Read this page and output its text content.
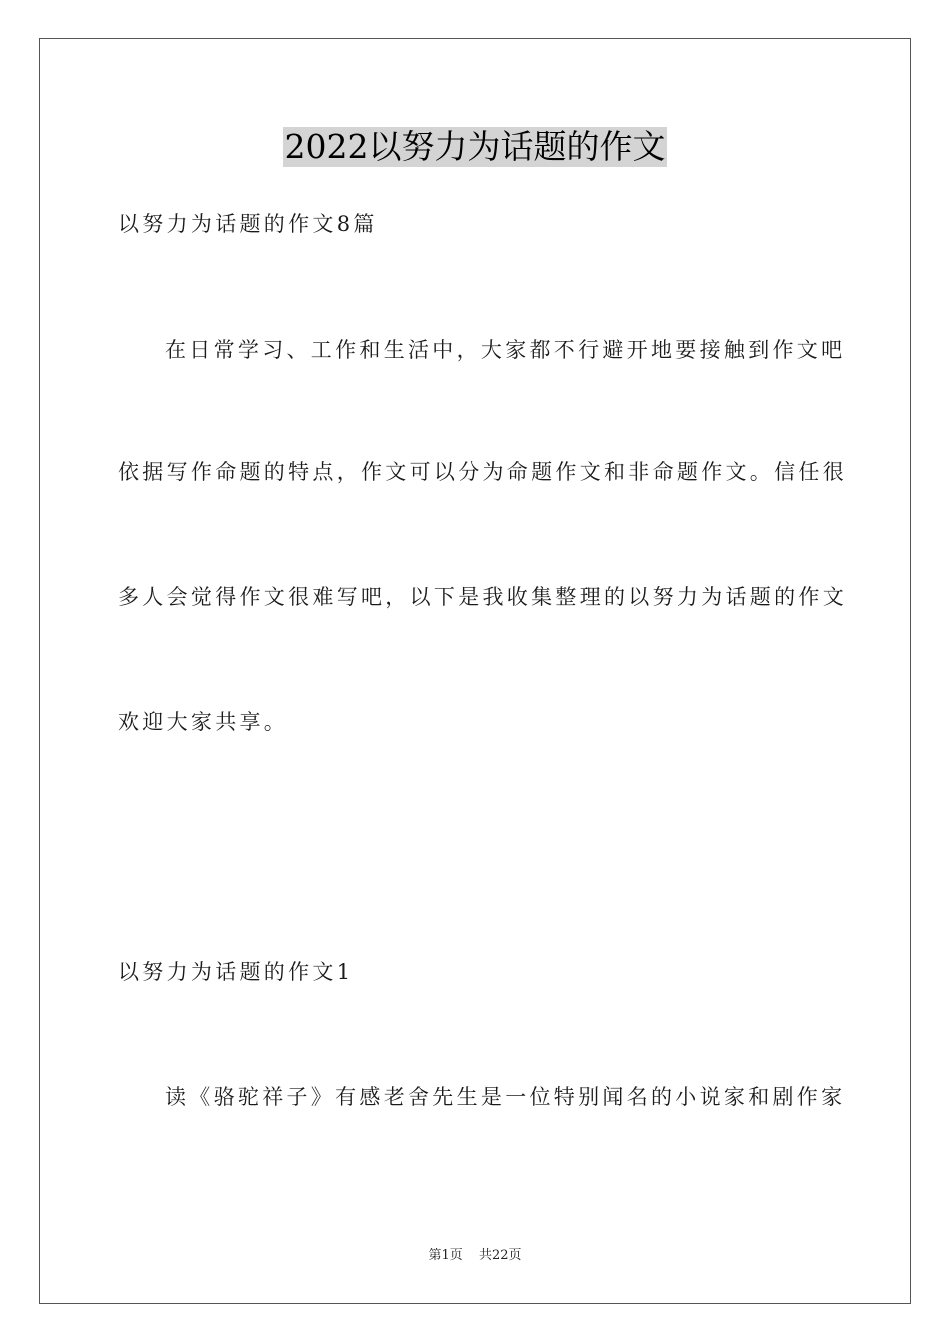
2022以努力为话题的作文
以努力为话题的作文8篇
在日常学习、工作和生活中，大家都不行避开地要接触到作文吧
依据写作命题的特点，作文可以分为命题作文和非命题作文。信任很
多人会觉得作文很难写吧，以下是我收集整理的以努力为话题的作文
欢迎大家共享。
以努力为话题的作文1
读《骆驼祥子》有感老舍先生是一位特别闻名的小说家和剧作家
第1页 共22页
